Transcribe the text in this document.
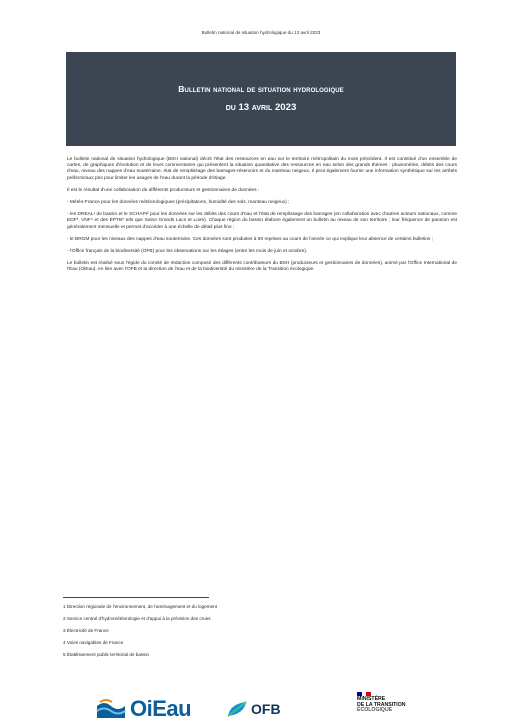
Bulletin national de situation hydrologique du 13 avril 2023
Bulletin national de situation hydrologique
du 13 avril 2023

Le bulletin national de situation hydrologique (BSH national) décrit l'état des ressources en eau sur le territoire métropolitain du mois précédent. Il est constitué d'un ensemble de cartes, de graphiques d'évolution et de leurs commentaires qui présentent la situation quantitative des ressources en eau selon des grands thèmes : pluviométrie, débits des cours d'eau, niveau des nappes d'eau souterraine, état de remplissage des barrages-réservoirs et du manteau neigeux. Il peut également fournir une information synthétique sur les arrêtés préfectoraux pris pour limiter les usages de l'eau durant la période d'étiage.

Il est le résultat d'une collaboration de différents producteurs et gestionnaires de données :

- Météo-France pour les données météorologiques (précipitations, humidité des sols, manteau neigeux) ;

- les DREAL¹ de bassin et le SCHAPI² pour les données sur les débits des cours d'eau et l'état de remplissage des barrages (en collaboration avec d'autres acteurs nationaux, comme EDF³, VNF⁴ et des EPTB⁵ tels que Seine Grands Lacs et Loire). Chaque région du bassin élabore également un bulletin au niveau de son territoire ; leur fréquence de parution est généralement mensuelle et permet d'accéder à une échelle de détail plus fine ;

- le BRGM pour les niveaux des nappes d'eau souterraine. Ces données sont produites à 60 reprises au cours de l'année ce qui explique leur absence de certains bulletins ;

- l'Office français de la biodiversité (OFB) pour les observations sur les étiages (entre les mois de juin et octobre).

Le bulletin est réalisé sous l'égide du comité de rédaction composé des différents contributeurs du BSH (producteurs et gestionnaires de données), animé par l'Office International de l'Eau (OiEau), en lien avec l'OFB et la direction de l'eau et de la biodiversité du ministère de la Transition écologique.

1 Direction régionale de l'environnement, de l'aménagement et du logement
2 Service central d'hydrométéorologie et d'appui à la prévision des crues
3 Électricité de France
4 Voies navigables de France
5 Établissement public territorial de bassin
OiEau	OFB
MINISTÈRE
DE LA TRANSITION
ÉCOLOGIQUE
